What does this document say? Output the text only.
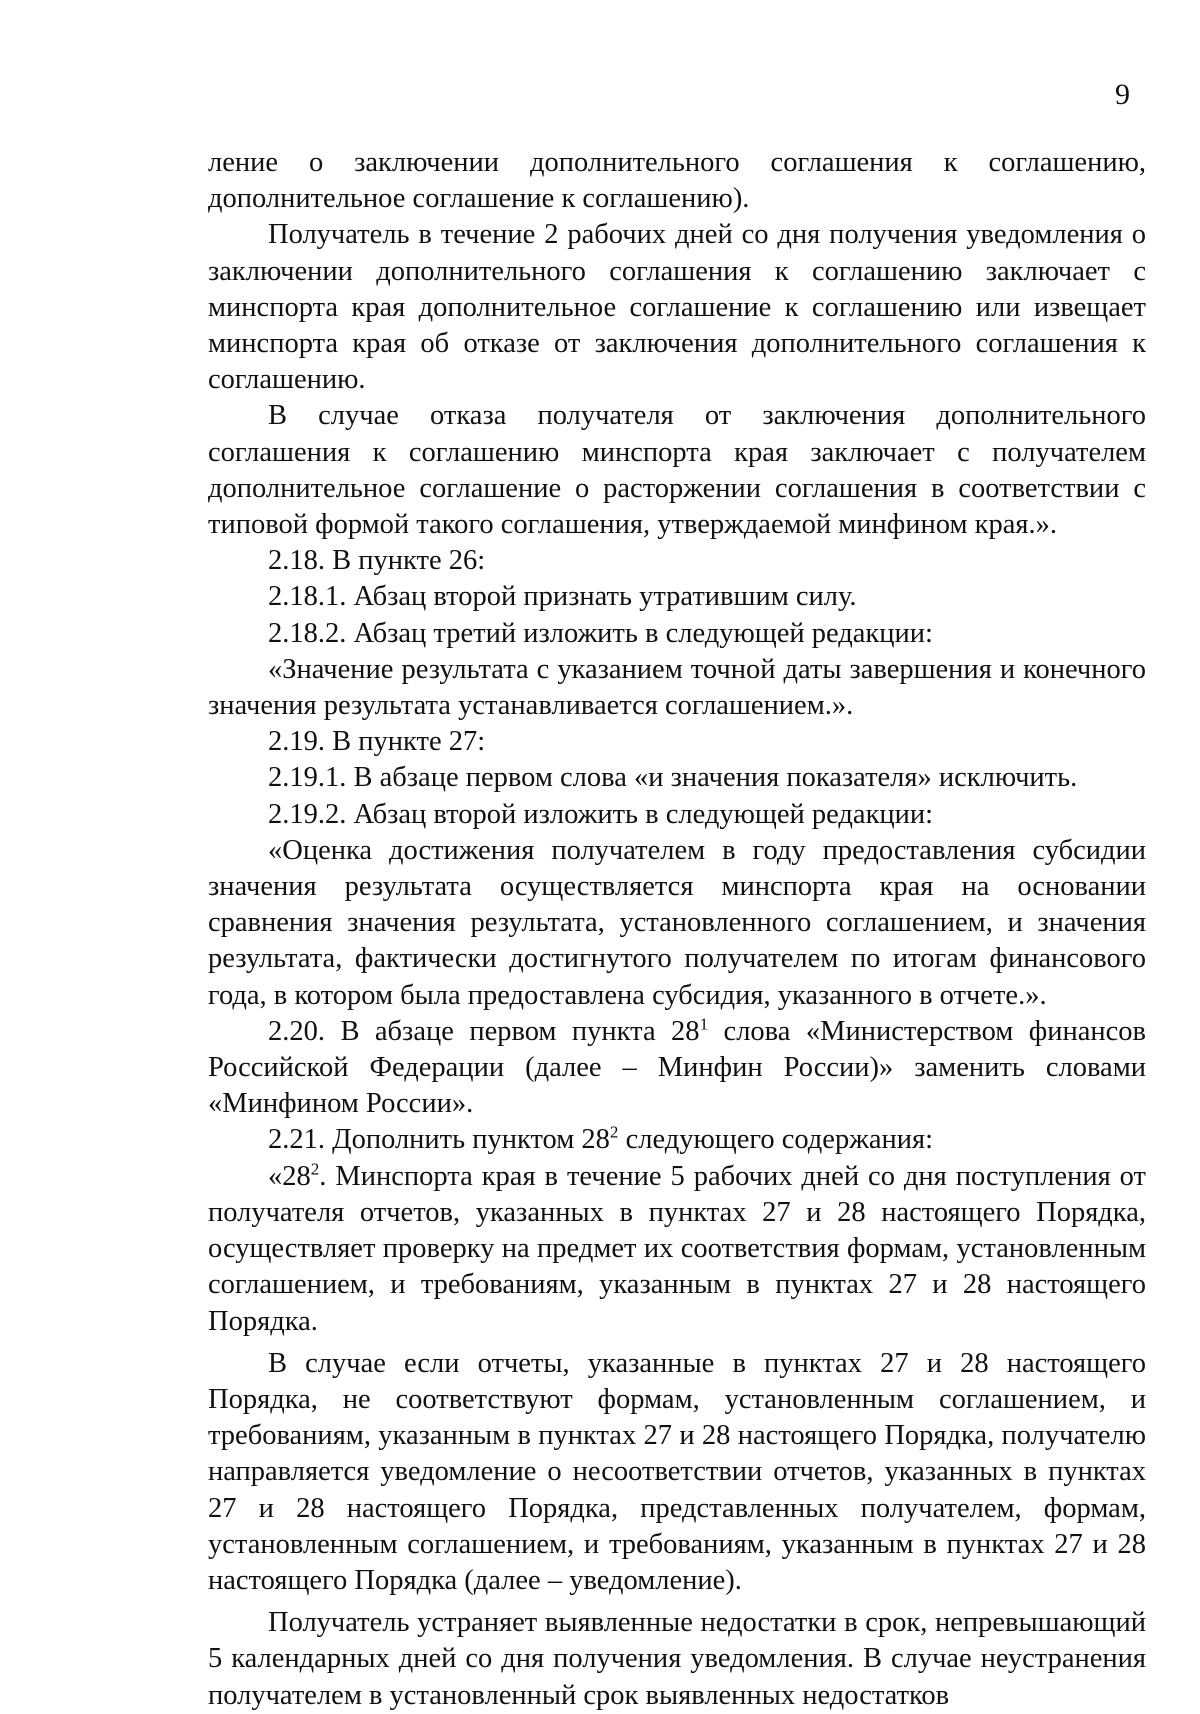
9

ление о заключении дополнительного соглашения к соглашению, дополнительное соглашение к соглашению).

Получатель в течение 2 рабочих дней со дня получения уведомления о заключении дополнительного соглашения к соглашению заключает с минспорта края дополнительное соглашение к соглашению или извещает минспорта края об отказе от заключения дополнительного соглашения к соглашению.

В случае отказа получателя от заключения дополнительного соглашения к соглашению минспорта края заключает с получателем дополнительное соглашение о расторжении соглашения в соответствии с типовой формой такого соглашения, утверждаемой минфином края.».

2.18. В пункте 26:

2.18.1. Абзац второй признать утратившим силу.

2.18.2. Абзац третий изложить в следующей редакции:

«Значение результата с указанием точной даты завершения и конечного значения результата устанавливается соглашением.».

2.19. В пункте 27:

2.19.1. В абзаце первом слова «и значения показателя» исключить.

2.19.2. Абзац второй изложить в следующей редакции:

«Оценка достижения получателем в году предоставления субсидии значения результата осуществляется минспорта края на основании сравнения значения результата, установленного соглашением, и значения результата, фактически достигнутого получателем по итогам финансового года, в котором была предоставлена субсидия, указанного в отчете.».

2.20. В абзаце первом пункта $28^1$ слова «Министерством финансов Российской Федерации (далее – Минфин России)» заменить словами «Минфином России».

2.21. Дополнить пунктом $28^2$ следующего содержания:

«$28^2$. Минспорта края в течение 5 рабочих дней со дня поступления от получателя отчетов, указанных в пунктах 27 и 28 настоящего Порядка, осуществляет проверку на предмет их соответствия формам, установленным соглашением, и требованиям, указанным в пунктах 27 и 28 настоящего Порядка.

В случае если отчеты, указанные в пунктах 27 и 28 настоящего Порядка, не соответствуют формам, установленным соглашением, и требованиям, указанным в пунктах 27 и 28 настоящего Порядка, получателю направляется уведомление о несоответствии отчетов, указанных в пунктах 27 и 28 настоящего Порядка, представленных получателем, формам, установленным соглашением, и требованиям, указанным в пунктах 27 и 28 настоящего Порядка (далее – уведомление).

Получатель устраняет выявленные недостатки в срок, непревышающий 5 календарных дней со дня получения уведомления. В случае неустранения получателем в установленный срок выявленных недостатков
